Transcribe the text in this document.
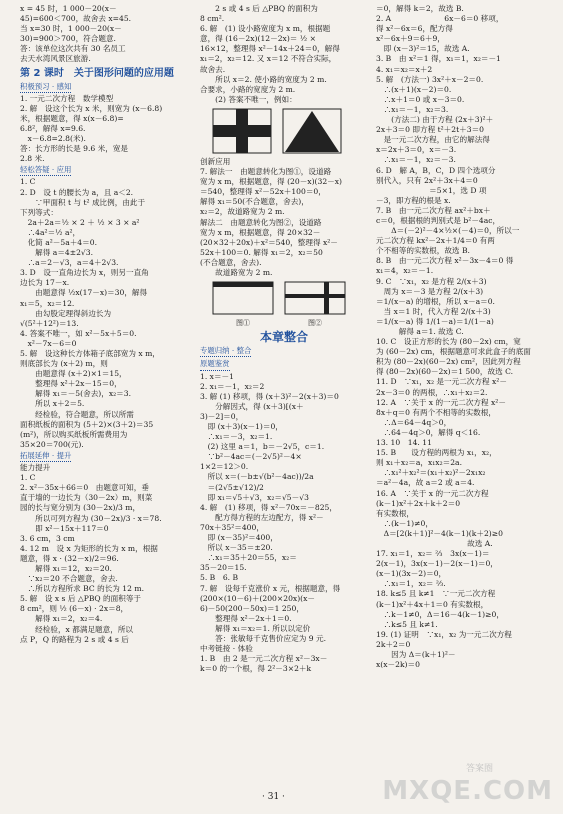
x = 45 时，1 000－20(x－
45)=600＜700，故舍去 x=45.
当 x=30 时，1 000－20(x－
30)=900＞700，符合题意.
答：该单位这次共有 30 名员工
去天水湾风景区旅游.
第 2 课时　关于图形问题的应用题
积极预习 · 感知
1. 一元二次方程　数学模型
2. 解　设这个长为 x 米，则宽为 (x－6.8)
米，根据题意，得 x(x－6.8)=
6.8²，解得 x=9.6.
　x－6.8=2.8(米).
答：长方形的长是 9.6 米，宽是
2.8 米.
轻松答疑 · 应用
1. C
2. D　设 t 的腰长为 a，且 a＜2.
　　∵甲面积 t 与 t² 成比例，由此于
下列等式：
　2a＋2a＝½ × 2 ＋ ½ × 3 × a²
　∴4a²＝½ a²，
　化简 a²－5a＋4＝0.
　　解得 a＝4±2√3.
　∴a＝2－√3，a＝4＋2√3.
3. D　设一直角边长为 x，则另一直角
边长为 17－x.
　　由题意得 ½x(17－x)＝30，解得
x₁＝5，x₂＝12.
　　由勾股定理得斜边长为
√(5²＋12²)＝13.
4. 答案不唯一，如 x²－5x＋5＝0.
　x²－7x－6＝0
5. 解　设这种长方体箱子底部宽为 x m，
则底部长为 (x＋2) m，则
　　由题意得 (x＋2)×1＝15，
　　整理得 x²＋2x－15＝0，
　　解得 x₁＝－5(舍去)，x₂＝3.
　　所以 x＋2＝5.
　　经检验，符合题意，所以所需
面积纸板的面积为 (5＋2)×(3＋2)＝35
(m²)，所以购买纸板所需费用为
35×20＝700(元).
拓展延伸 · 提升
能力提升
1. C
2. x²－35x＋66＝0　由题意可知，垂
直于墙的一边长为（30－2x）m，则菜
园的长与宽分别为 (30－2x)/3 m，
　　所以可列方程为 (30－2x)/3 · x＝78.
　　即 x²－15x＋117＝0
3. 6 cm，3 cm
4. 12 m　设 x 为矩形的长为 x m，根据
题意，得 x · (32－x)/2＝96.
　　解得 x₁＝12，x₂＝20.
　∵x₂＝20 不合题意，舍去.
　∴所以方程所求 BC 的长为 12 m.
5. 解　设 x s 后 △PBQ 的面积等于
8 cm²，则 ½ (6－x) · 2x＝8，
　　解得 x₁＝2，x₂＝4.
　　经检验，x 都满足题意，所以
点 P，Q 的路程为 2 s 或 4 s 后
　　2 s 或 4 s 后 △PBQ 的面积为
8 cm².
6. 解　(1) 设小路宽度为 x m，根据题
意，得 (16－2x)(12－2x)＝ ½ ×
16×12，整理得 x²－14x＋24＝0，解得
x₁＝2，x₂＝12. 又 x＝12 不符合实际，
故舍去.
　　所以 x＝2. 使小路的宽度为 2 m.
合要求，小路的宽度为 2 m.
　　(2) 答案不唯一，例如：
创新应用
7. 解法一　由题意转化为图①，设道路
宽为 x m，根据题意，得 (20－x)(32－x)
＝540，整理得 x²－52x＋100＝0，
解得 x₁＝50(不合题意，舍去)，
x₂＝2，故道路宽为 2 m.
解法二　由题意转化为图②，设道路
宽为 x m，根据题意，得 20×32－
(20×32＋20x)＋x²＝540，整理得 x²－
52x＋100＝0. 解得 x₁＝2，x₂＝50
(不合题意，舍去).
　　故道路宽为 2 m.
图①	图②
本章整合
专题归纳 · 整合
原题鉴赏
1. x＝－1
2. x₁＝－1，x₂＝2
3. 解 (1) 移项，得 (x＋3)²－2(x＋3)＝0
　　分解因式，得 (x＋3)[(x＋
3)－2]＝0，
　即 (x＋3)(x－1)＝0，
　∴x₁＝－3，x₂＝1.
　(2) 这里 a＝1，b＝－2√5，c＝1.
　∵b²－4ac＝(－2√5)²－4×
1×2＝12＞0.
　所以 x＝(－b±√(b²－4ac))/2a
　＝(2√5±√12)/2
　即 x₁＝√5＋√3，x₂＝√5－√3
4. 解　(1) 移项，得 x²－70x＝－825，
　　配方得方程的左边配方，得 x²－
70x＋35²＝400，
　即 (x－35)²＝400，
　所以 x－35＝±20.
　∴x₁＝35＋20＝55，x₂＝
35－20＝15.
5. B　6. B
7. 解　设每千克涨价 x 元，根据题意，得
(200×(10－6)＋(200×20x)(x－
6)－50(200－50x)＝1 250，
　　整理得 x²－2x＋1＝0.
　　解得 x₁＝x₂＝1. 所以以定价
　　答：张敏每千克售价应定为 9 元.
中考链接 · 体验
1. B　由 2 是一元二次方程 x²－3x－
k＝0 的一个根，得 2²－3×2＋k
＝0，解得 k＝2，故选 B.
2. A　　　　　　　6x－6＝0 移项，
得 x²－6x＝6，配方得
x²－6x＋9＝6＋9，
　即 (x－3)²＝15，故选 A.
3. B　由 x²＝1 得，x₁＝1，x₂＝－1
4. x₁＝x₂＝x＋2
5. 解　(方法一) 3x²＋x－2＝0.
　∴(x＋1)(x－2)＝0.
　∴x＋1＝0 或 x－3＝0.
　∴x₁＝－1，x₂＝3.
　　(方法二) 由于方程 (2x＋3)²＋
2x＋3＝0 即方程 t²＋2t＋3＝0
　是一元二次方程，由它的解法得
x＝2x＋3＝0，x＝－3.
　∴x₁＝－1，x₂＝－3.
6. D　解 A，B，C，D 四个选项分
别代入，只有 2x²＋3x＋4＝0
　　　　　　　＝5×1，选 D 项
－3，即方程的根是 x.
7. B　由一元二次方程 ax²＋bx＋
c＝0，根据根的判别式是 b²－4ac，
　　Δ＝(－2)²－4×½×(－4)＝0，所以一
元二次方程 kx²－2x＋1/4＝0 有两
个不相等的实数根，故选 B.
8. B　由一元二次方程 x²－3x－4＝0 得
x₁＝4，x₂＝－1.
9. C　∵x₁，x₂ 是方程 2/(x＋3)
　周为 x＝－3 是方程 2/(x＋3)
＝1/(x－a) 的增根，所以 x－a＝0.
　当 x＝1 时，代入方程 2/(x＋3)
＝1/(x－a) 得 1/(1－a)＝1/(1－a)
　　　解得 a＝1. 故选 C.
10. C　设正方形的长为 (80－2x) cm，宽
为 (60－2x) cm，根据题意可求此盒子的底面
积为 (80－2x)(60－2x) cm²，因此列方程
得 (80－2x)(60－2x)＝1 500，故选 C.
11. D　∵x₁，x₂ 是一元二次方程 x²－
2x－3＝0 的两根，∴x₁＋x₂＝2.
12. A　∵关于 x 的一元二次方程 x²－
8x＋q＝0 有两个不相等的实数根，
　∴Δ＝64－4q＞0，
　∴64－4q＞0，解得 q＜16.
13. 10　14. 11
15. B　　设方程的两根为 x₁，x₂，
则 x₁＋x₂＝a，x₁x₂＝2a.
　∴x₁²＋x₂²＝(x₁＋x₂)²－2x₁x₂
＝a²－4a，故 a＝2 或 a＝4.
16. A　∵关于 x 的一元二次方程
(k－1)x²＋2x＋k＋2＝0
有实数根，
　∴(k－1)≠0，
　Δ＝[2(k＋1)]²－4(k－1)(k＋2)≥0
　　　　　　　　　　　　故选 A.
17. x₁＝1，x₂＝ ⅔　3x(x－1)＝
2(x－1)，3x(x－1)－2(x－1)＝0，
(x－1)(3x－2)＝0，
　∴x₁＝1，x₂＝ ⅔.
18. k≤5 且 k≠1　∵一元二次方程
(k－1)x²＋4x＋1＝0 有实数根，
　∴k－1≠0，Δ＝16－4(k－1)≥0，
　∴k≤5 且 k≠1.
19. (1) 证明　∵x₁，x₂ 为一元二次方程
2k＋2＝0
　　因为 Δ＝(k＋1)²－
x(x－2k)＝0
· 31 ·
答案圈
MXQE.COM
